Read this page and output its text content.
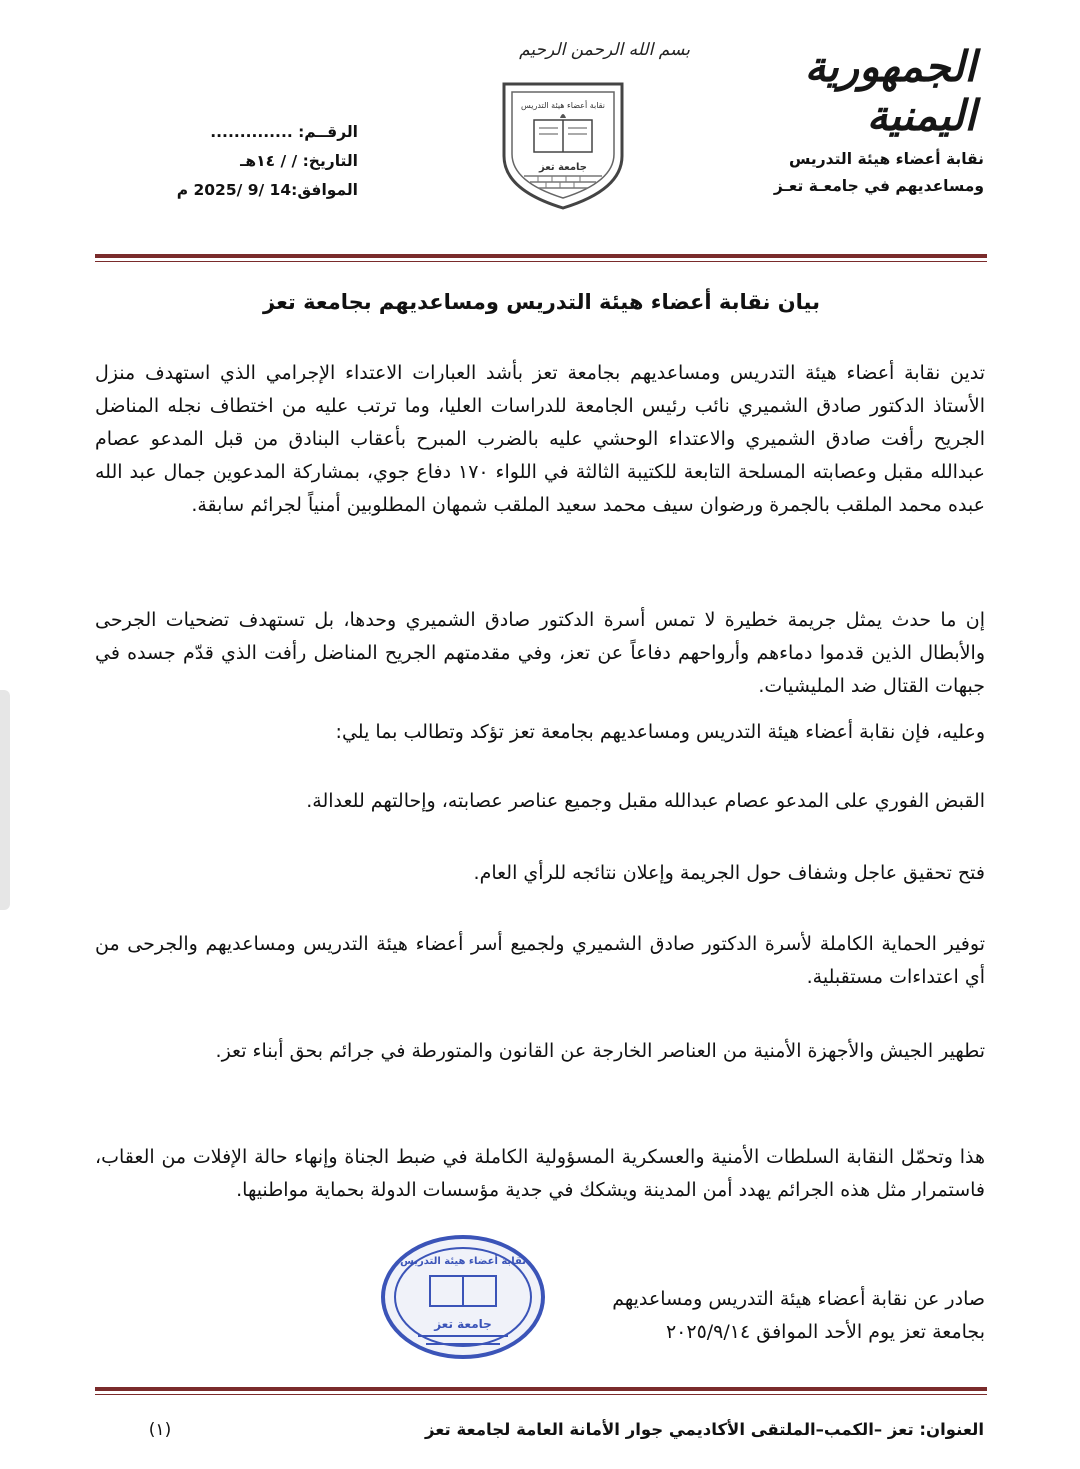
الجمهورية اليمنية
نقابة أعضاء هيئة التدريس
ومساعديهم في جامعـة تعـز
بسم الله الرحمن الرحيم
نقابة أعضاء هيئة التدريس
جامعة تعز
الرقــم: ..............
التاريخ: / / ١٤هـ
الموافق:14 /9 /2025 م
بيان نقابة أعضاء هيئة التدريس ومساعديهم بجامعة تعز

تدين نقابة أعضاء هيئة التدريس ومساعديهم بجامعة تعز بأشد العبارات الاعتداء الإجرامي الذي استهدف منزل الأستاذ الدكتور صادق الشميري نائب رئيس الجامعة للدراسات العليا، وما ترتب عليه من اختطاف نجله المناضل الجريح رأفت صادق الشميري والاعتداء الوحشي عليه بالضرب المبرح بأعقاب البنادق من قبل المدعو عصام عبدالله مقبل وعصابته المسلحة التابعة للكتيبة الثالثة في اللواء ١٧٠ دفاع جوي، بمشاركة المدعوين جمال عبد الله عبده محمد الملقب بالجمرة ورضوان سيف محمد سعيد الملقب شمهان المطلوبين أمنياً لجرائم سابقة.

إن ما حدث يمثل جريمة خطيرة لا تمس أسرة الدكتور صادق الشميري وحدها، بل تستهدف تضحيات الجرحى والأبطال الذين قدموا دماءهم وأرواحهم دفاعاً عن تعز، وفي مقدمتهم الجريح المناضل رأفت الذي قدّم جسده في جبهات القتال ضد المليشيات.

وعليه، فإن نقابة أعضاء هيئة التدريس ومساعديهم بجامعة تعز تؤكد وتطالب بما يلي:

القبض الفوري على المدعو عصام عبدالله مقبل وجميع عناصر عصابته، وإحالتهم للعدالة.
فتح تحقيق عاجل وشفاف حول الجريمة وإعلان نتائجه للرأي العام.
توفير الحماية الكاملة لأسرة الدكتور صادق الشميري ولجميع أسر أعضاء هيئة التدريس ومساعديهم والجرحى من أي اعتداءات مستقبلية.
تطهير الجيش والأجهزة الأمنية من العناصر الخارجة عن القانون والمتورطة في جرائم بحق أبناء تعز.

هذا وتحمّل النقابة السلطات الأمنية والعسكرية المسؤولية الكاملة في ضبط الجناة وإنهاء حالة الإفلات من العقاب، فاستمرار مثل هذه الجرائم يهدد أمن المدينة ويشكك في جدية مؤسسات الدولة بحماية مواطنيها.

صادر عن نقابة أعضاء هيئة التدريس ومساعديهم

بجامعة تعز يوم الأحد الموافق ٢٠٢٥/٩/١٤

نقابة أعضاء هيئة التدريس
جامعة تعز
العنوان: تعز –الكمب–الملتقى الأكاديمي جوار الأمانة العامة لجامعة تعز
(١)
